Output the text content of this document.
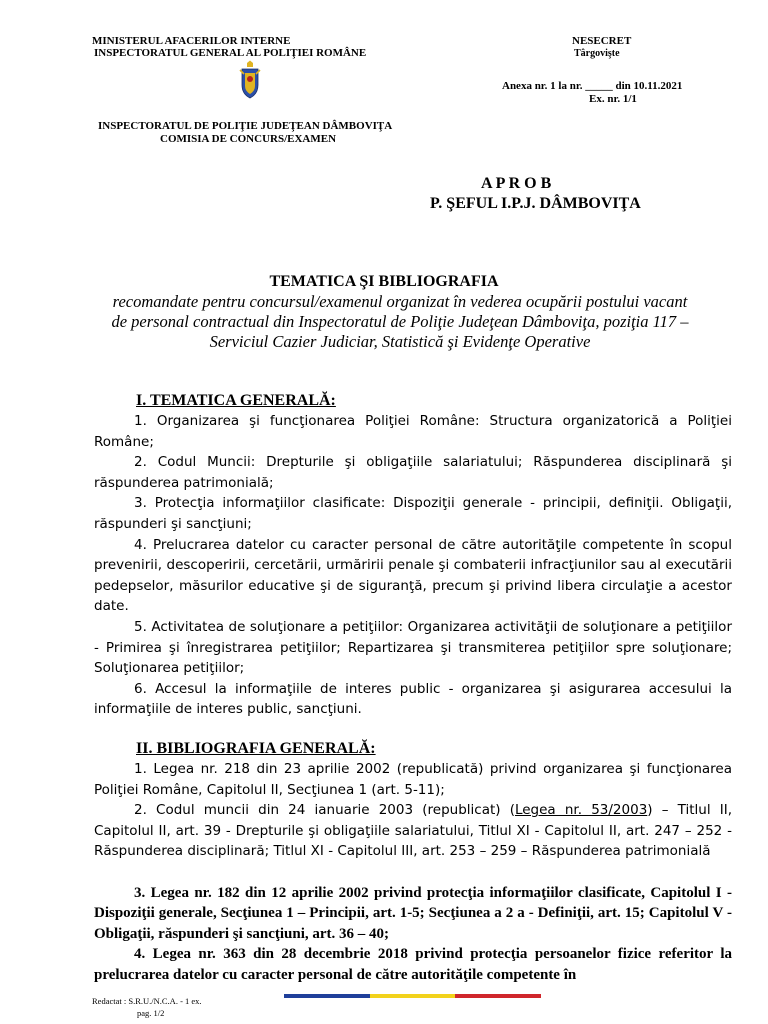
MINISTERUL AFACERILOR INTERNE
INSPECTORATUL GENERAL AL POLIŢIEI ROMÂNE
NESECRET
Târgovişte
Anexa nr. 1 la nr. _____ din 10.11.2021
Ex. nr. 1/1
INSPECTORATUL DE POLIŢIE JUDEŢEAN DÂMBOVIŢA
COMISIA DE CONCURS/EXAMEN
A P R O B
P. ŞEFUL I.P.J. DÂMBOVIŢA
TEMATICA ŞI BIBLIOGRAFIA
recomandate pentru concursul/examenul organizat în vederea ocupării postului vacant
de personal contractual din Inspectoratul de Poliţie Judeţean Dâmboviţa, poziţia 117 –
Serviciul Cazier Judiciar, Statistică şi Evidenţe Operative
I. TEMATICA GENERALĂ:

1. Organizarea şi funcţionarea Poliţiei Române: Structura organizatorică a Poliţiei Române;

2. Codul Muncii: Drepturile şi obligaţiile salariatului; Răspunderea disciplinară şi răspunderea patrimonială;

3. Protecţia informaţiilor clasificate: Dispoziţii generale - principii, definiţii. Obligaţii, răspunderi şi sancţiuni;

4. Prelucrarea datelor cu caracter personal de către autorităţile competente în scopul prevenirii, descoperirii, cercetării, urmăririi penale şi combaterii infracţiunilor sau al executării pedepselor, măsurilor educative şi de siguranţă, precum şi privind libera circulaţie a acestor date.

5. Activitatea de soluţionare a petiţiilor: Organizarea activităţii de soluţionare a petiţiilor - Primirea şi înregistrarea petiţiilor; Repartizarea şi transmiterea petiţiilor spre soluţionare; Soluţionarea petiţiilor;

6. Accesul la informaţiile de interes public - organizarea şi asigurarea accesului la informaţiile de interes public, sancţiuni.

II. BIBLIOGRAFIA GENERALĂ:

1. Legea nr. 218 din 23 aprilie 2002 (republicată) privind organizarea şi funcţionarea Poliţiei Române, Capitolul II, Secţiunea 1 (art. 5-11);

2. Codul muncii din 24 ianuarie 2003 (republicat) (Legea nr. 53/2003) – Titlul II, Capitolul II, art. 39 - Drepturile şi obligaţiile salariatului, Titlul XI - Capitolul II, art. 247 – 252 - Răspunderea disciplinară; Titlul XI - Capitolul III, art. 253 – 259 – Răspunderea patrimonială

3. Legea nr. 182 din 12 aprilie 2002 privind protecţia informaţiilor clasificate, Capitolul I - Dispoziţii generale, Secţiunea 1 – Principii, art. 1-5; Secţiunea a 2 a - Definiţii, art. 15; Capitolul V - Obligaţii, răspunderi şi sancţiuni, art. 36 – 40;

4. Legea nr. 363 din 28 decembrie 2018 privind protecţia persoanelor fizice referitor la prelucrarea datelor cu caracter personal de către autorităţile competente în

Redactat : S.R.U./N.C.A. - 1 ex.
pag. 1/2
